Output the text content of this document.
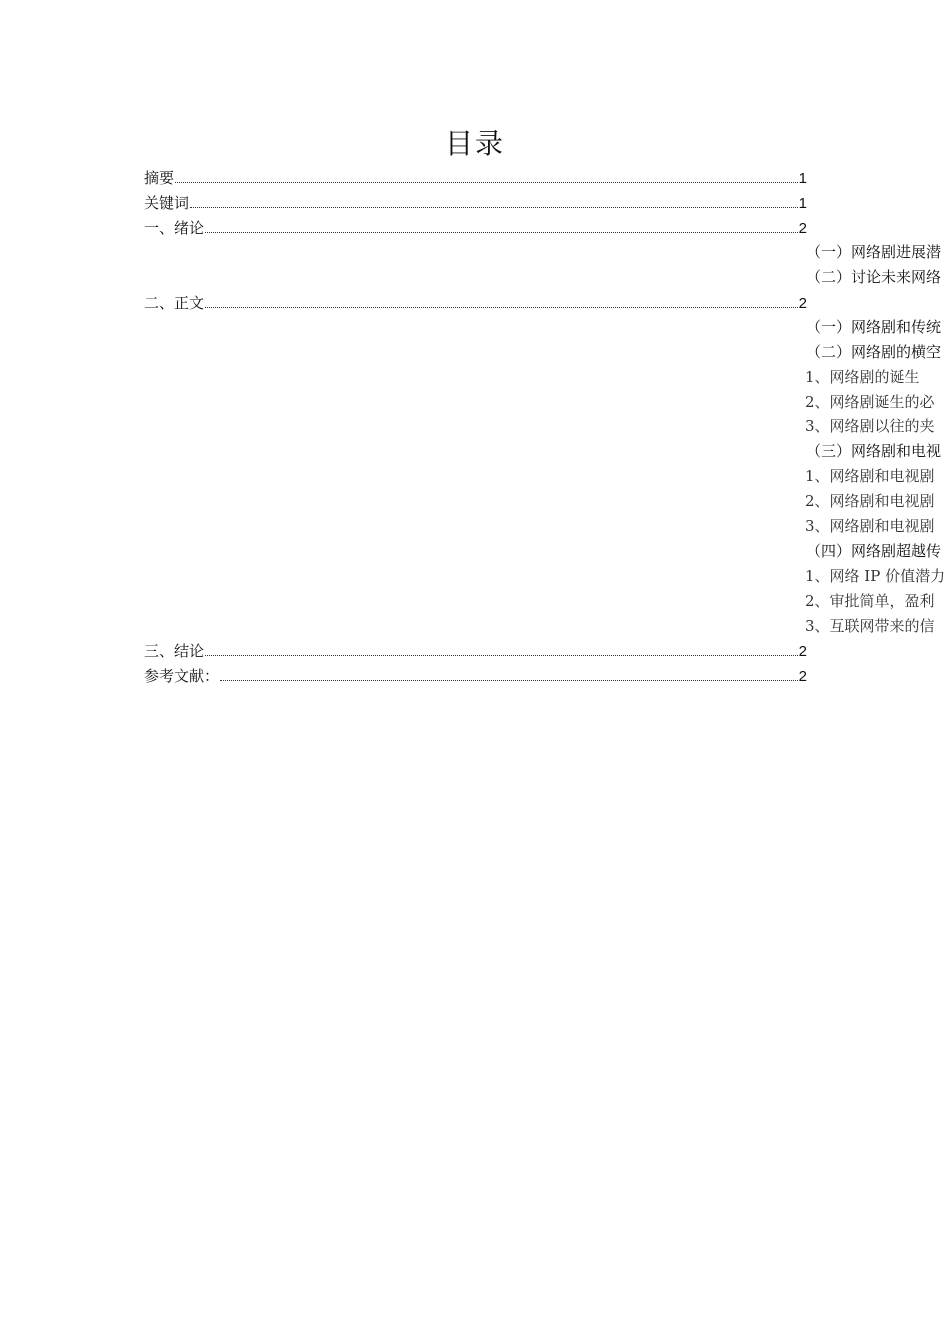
目录
摘要	1
关键词	1
一、绪论	2
（一）网络剧进展潜
（二）讨论未来网络
二、正文	2
（一）网络剧和传统
（二）网络剧的横空
1、网络剧的诞生　
2、网络剧诞生的必
3、网络剧以往的夹
（三）网络剧和电视
1、网络剧和电视剧
2、网络剧和电视剧
3、网络剧和电视剧
（四）网络剧超越传
1、网络 IP 价值潜力
2、审批简单，盈利
3、互联网带来的信
三、结论	2
参考文献：	2
